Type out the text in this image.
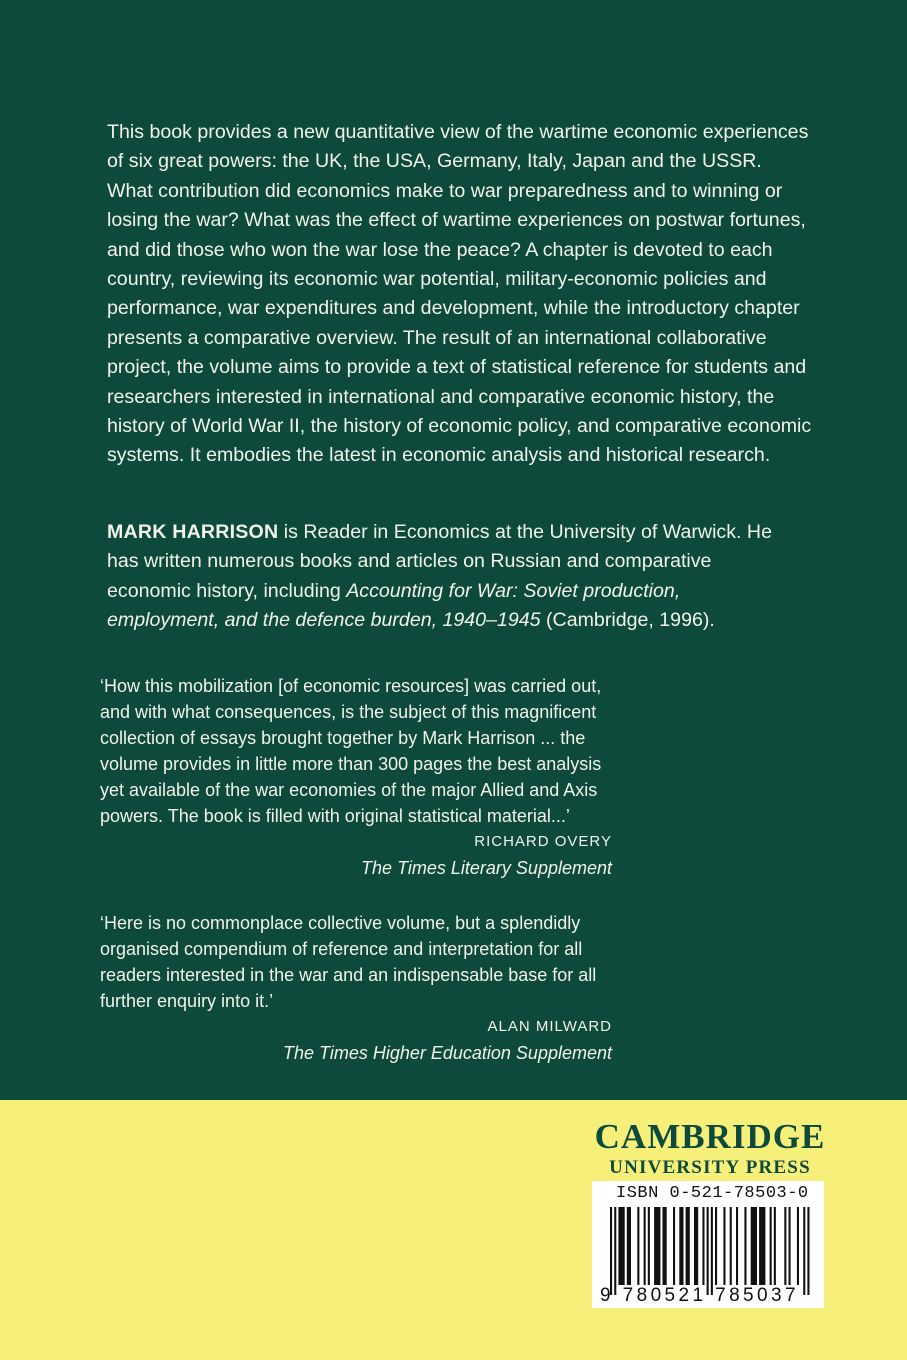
This book provides a new quantitative view of the wartime economic experiences of six great powers: the UK, the USA, Germany, Italy, Japan and the USSR. What contribution did economics make to war preparedness and to winning or losing the war? What was the effect of wartime experiences on postwar fortunes, and did those who won the war lose the peace? A chapter is devoted to each country, reviewing its economic war potential, military-economic policies and performance, war expenditures and development, while the introductory chapter presents a comparative overview. The result of an international collaborative project, the volume aims to provide a text of statistical reference for students and researchers interested in international and comparative economic history, the history of World War II, the history of economic policy, and comparative economic systems. It embodies the latest in economic analysis and historical research.

MARK HARRISON is Reader in Economics at the University of Warwick. He has written numerous books and articles on Russian and comparative economic history, including Accounting for War: Soviet production, employment, and the defence burden, 1940–1945 (Cambridge, 1996).

‘How this mobilization [of economic resources] was carried out, and with what consequences, is the subject of this magnificent collection of essays brought together by Mark Harrison ... the volume provides in little more than 300 pages the best analysis yet available of the war economies of the major Allied and Axis powers. The book is filled with original statistical material...’
RICHARD OVERY
The Times Literary Supplement
‘Here is no commonplace collective volume, but a splendidly organised compendium of reference and interpretation for all readers interested in the war and an indispensable base for all further enquiry into it.’
ALAN MILWARD
The Times Higher Education Supplement
CAMBRIDGE
UNIVERSITY PRESS
ISBN 0-521-78503-0
9 780521 785037
